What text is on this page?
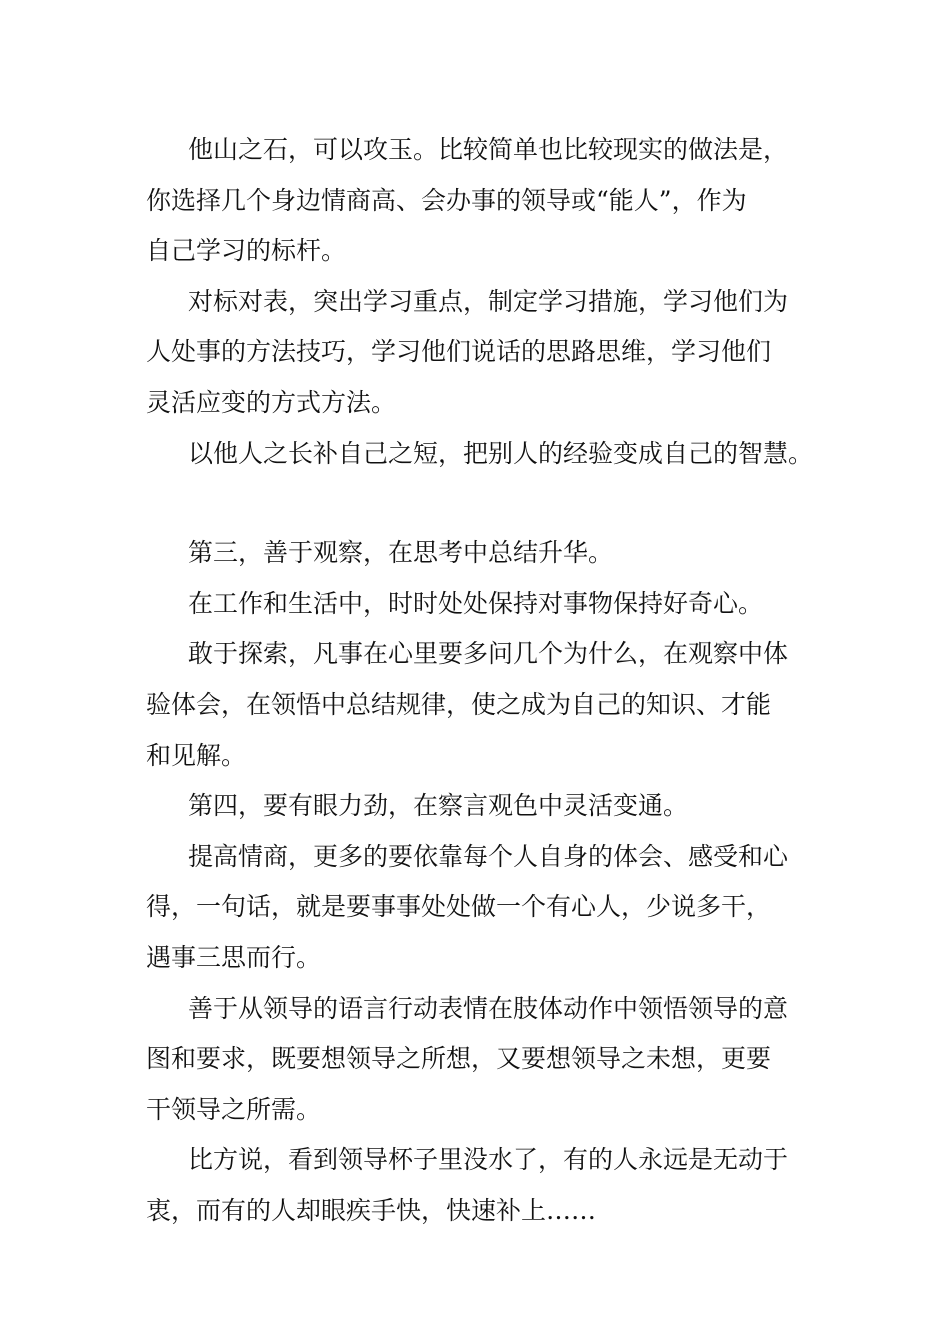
他山之石，可以攻玉。比较简单也比较现实的做法是，
你选择几个身边情商高、会办事的领导或“能人”，作为
自己学习的标杆。

对标对表，突出学习重点，制定学习措施，学习他们为
人处事的方法技巧，学习他们说话的思路思维，学习他们
灵活应变的方式方法。

以他人之长补自己之短，把别人的经验变成自己的智慧。

第三，善于观察，在思考中总结升华。

在工作和生活中，时时处处保持对事物保持好奇心。

敢于探索，凡事在心里要多问几个为什么，在观察中体
验体会，在领悟中总结规律，使之成为自己的知识、才能
和见解。

第四，要有眼力劲，在察言观色中灵活变通。

提高情商，更多的要依靠每个人自身的体会、感受和心
得，一句话，就是要事事处处做一个有心人，少说多干，
遇事三思而行。

善于从领导的语言行动表情在肢体动作中领悟领导的意
图和要求，既要想领导之所想，又要想领导之未想，更要
干领导之所需。

比方说，看到领导杯子里没水了，有的人永远是无动于
衷，而有的人却眼疾手快，快速补上……
